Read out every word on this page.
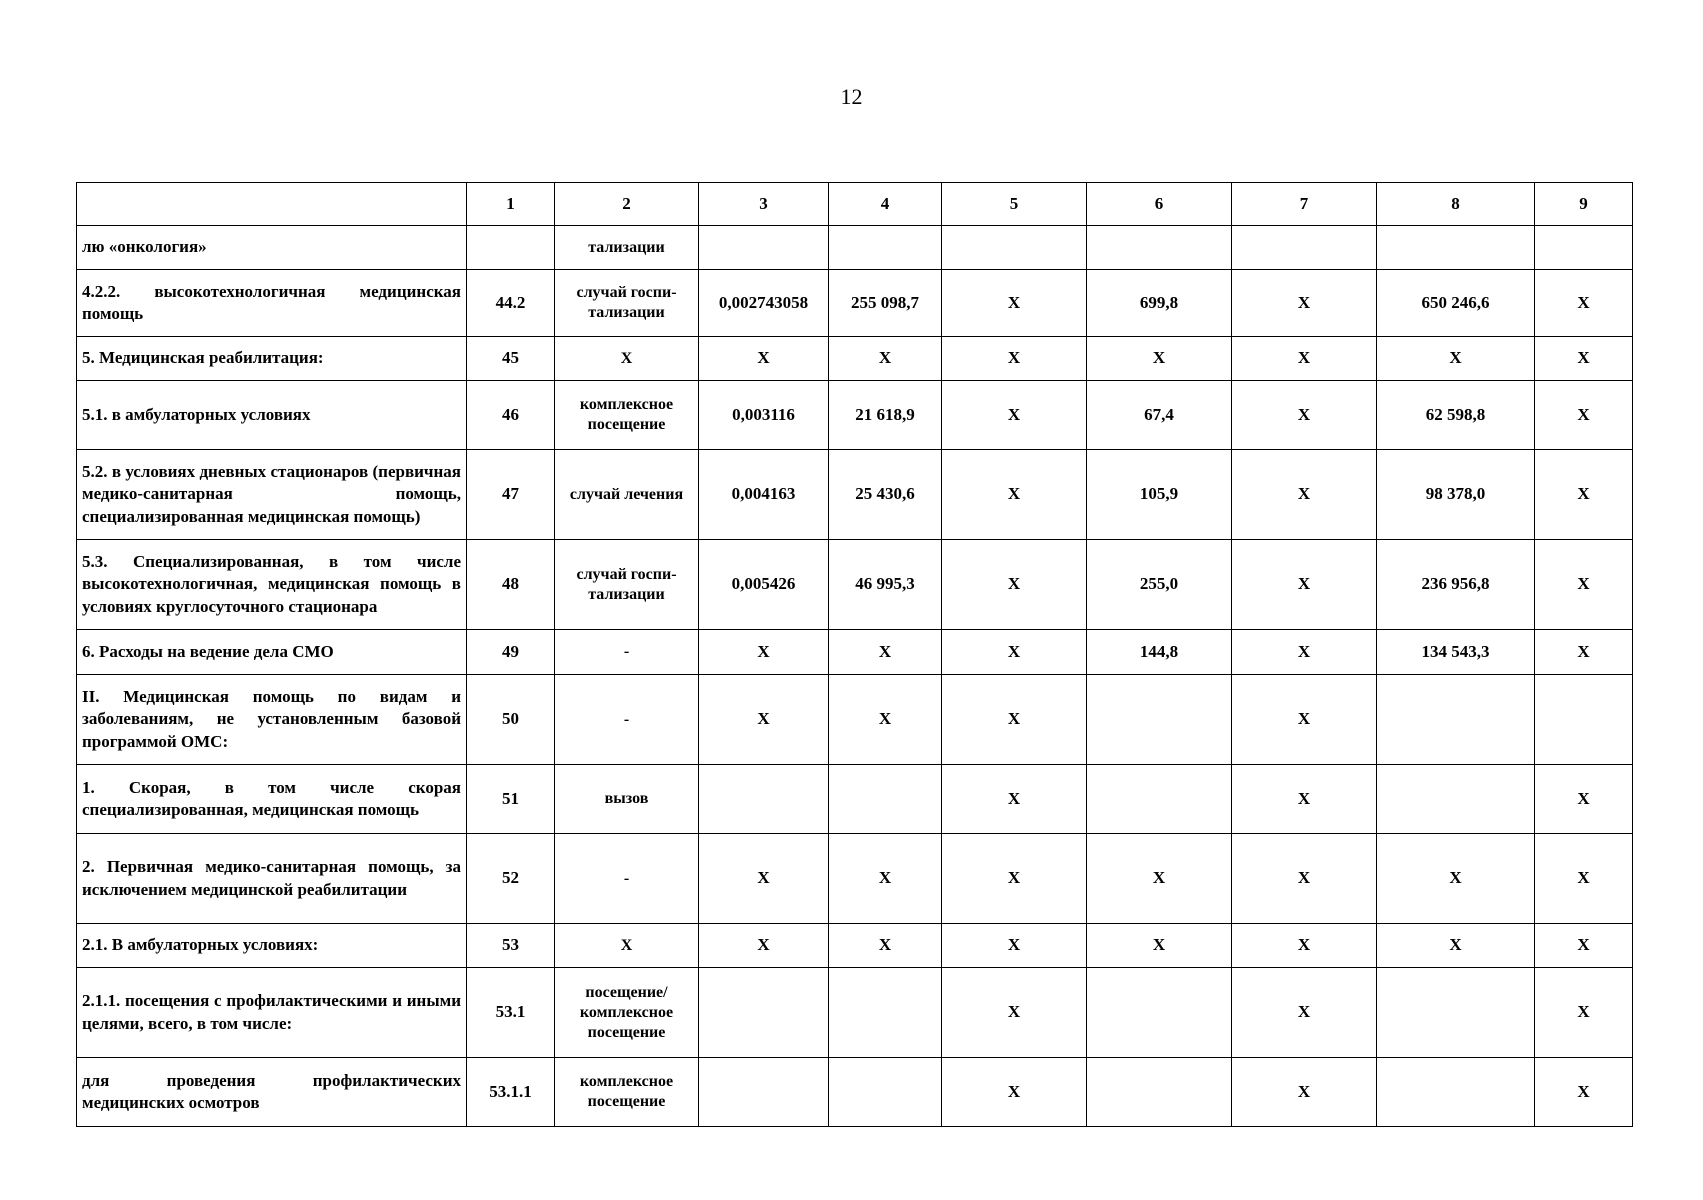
12
	1	2	3	4	5	6	7	8	9
лю «онкология»		тализации							
4.2.2. высокотехнологичная медицинская помощь	44.2	случай госпи-тализации	0,002743058	255 098,7	Х	699,8	Х	650 246,6	Х
5. Медицинская реабилитация:	45	Х	Х	Х	Х	Х	Х	Х	Х
5.1. в амбулаторных условиях	46	комплексное посещение	0,003116	21 618,9	Х	67,4	Х	62 598,8	Х
5.2. в условиях дневных стационаров (первичная медико-санитарная помощь, специализированная медицинская помощь)	47	случай лечения	0,004163	25 430,6	Х	105,9	Х	98 378,0	Х
5.3. Специализированная, в том числе высокотехнологичная, медицинская помощь в условиях круглосуточного стационара	48	случай госпи-тализации	0,005426	46 995,3	Х	255,0	Х	236 956,8	Х
6. Расходы на ведение дела СМО	49	-	Х	Х	Х	144,8	Х	134 543,3	Х
II. Медицинская помощь по видам и заболеваниям, не установленным базовой программой ОМС:	50	-	Х	Х	Х		Х		
1. Скорая, в том числе скорая специализированная, медицинская помощь	51	вызов			Х		Х		Х
2. Первичная медико-санитарная помощь, за исключением медицинской реабилитации	52	-	Х	Х	Х	Х	Х	Х	Х
2.1. В амбулаторных условиях:	53	Х	Х	Х	Х	Х	Х	Х	Х
2.1.1. посещения с профилактическими и иными целями, всего, в том числе:	53.1	посещение/ комплексное посещение			Х		Х		Х
для проведения профилактических медицинских осмотров	53.1.1	комплексное посещение			Х		Х		Х
